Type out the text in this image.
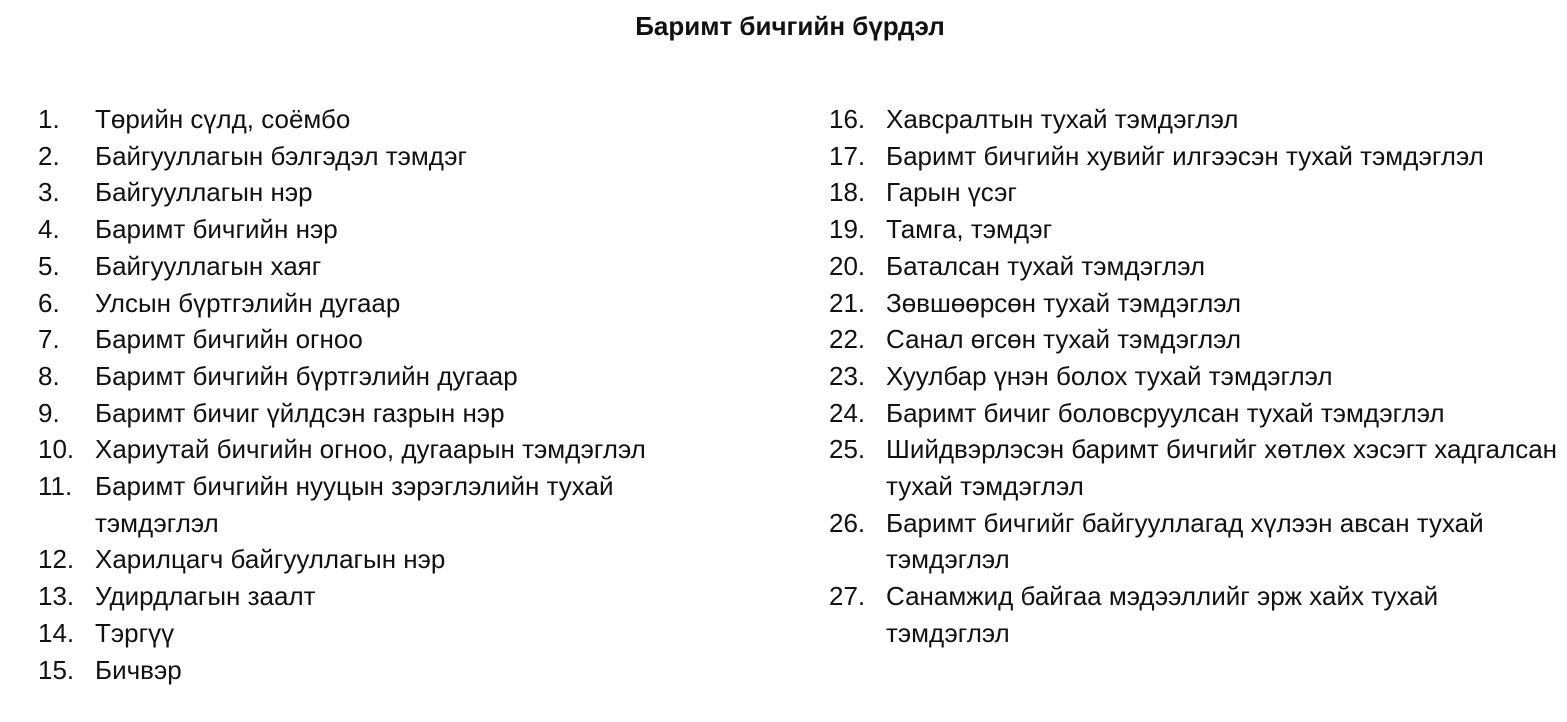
Баримт бичгийн бүрдэл
1.	Төрийн сүлд, соёмбо
2.	Байгууллагын бэлгэдэл тэмдэг
3.	Байгууллагын нэр
4.	Баримт бичгийн нэр
5.	Байгууллагын хаяг
6.	Улсын бүртгэлийн дугаар
7.	Баримт бичгийн огноо
8.	Баримт бичгийн бүртгэлийн дугаар
9.	Баримт бичиг үйлдсэн газрын нэр
10. Хариутай бичгийн огноо, дугаарын тэмдэглэл
11. Баримт бичгийн нууцын зэрэглэлийн тухай тэмдэглэл
12. Харилцагч байгууллагын нэр
13. Удирдлагын заалт
14. Тэргүү
15. Бичвэр
16. Хавсралтын тухай тэмдэглэл
17. Баримт бичгийн хувийг илгээсэн тухай тэмдэглэл
18. Гарын үсэг
19. Тамга, тэмдэг
20. Баталсан тухай тэмдэглэл
21. Зөвшөөрсөн тухай тэмдэглэл
22. Санал өгсөн тухай тэмдэглэл
23. Хуулбар үнэн болох тухай тэмдэглэл
24. Баримт бичиг боловсруулсан тухай тэмдэглэл
25. Шийдвэрлэсэн баримт бичгийг хөтлөх хэсэгт хадгалсан тухай тэмдэглэл
26. Баримт бичгийг байгууллагад хүлээн авсан тухай тэмдэглэл
27. Санамжид байгаа мэдээллийг эрж хайх тухай тэмдэглэл
